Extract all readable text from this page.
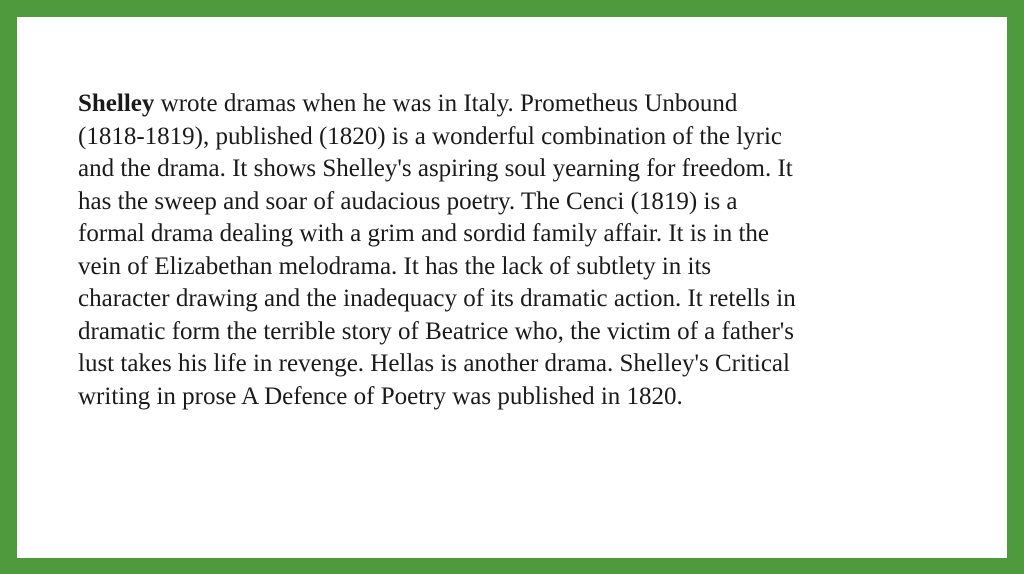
Shelley wrote dramas when he was in Italy. Prometheus Unbound
(1818-1819), published (1820) is a wonderful combination of the lyric
and the drama. It shows Shelley's aspiring soul yearning for freedom. It
has the sweep and soar of audacious poetry. The Cenci (1819) is a
formal drama dealing with a grim and sordid family affair. It is in the
vein of Elizabethan melodrama. It has the lack of subtlety in its
character drawing and the inadequacy of its dramatic action. It retells in
dramatic form the terrible story of Beatrice who, the victim of a father's
lust takes his life in revenge. Hellas is another drama. Shelley's Critical
writing in prose A Defence of Poetry was published in 1820.
